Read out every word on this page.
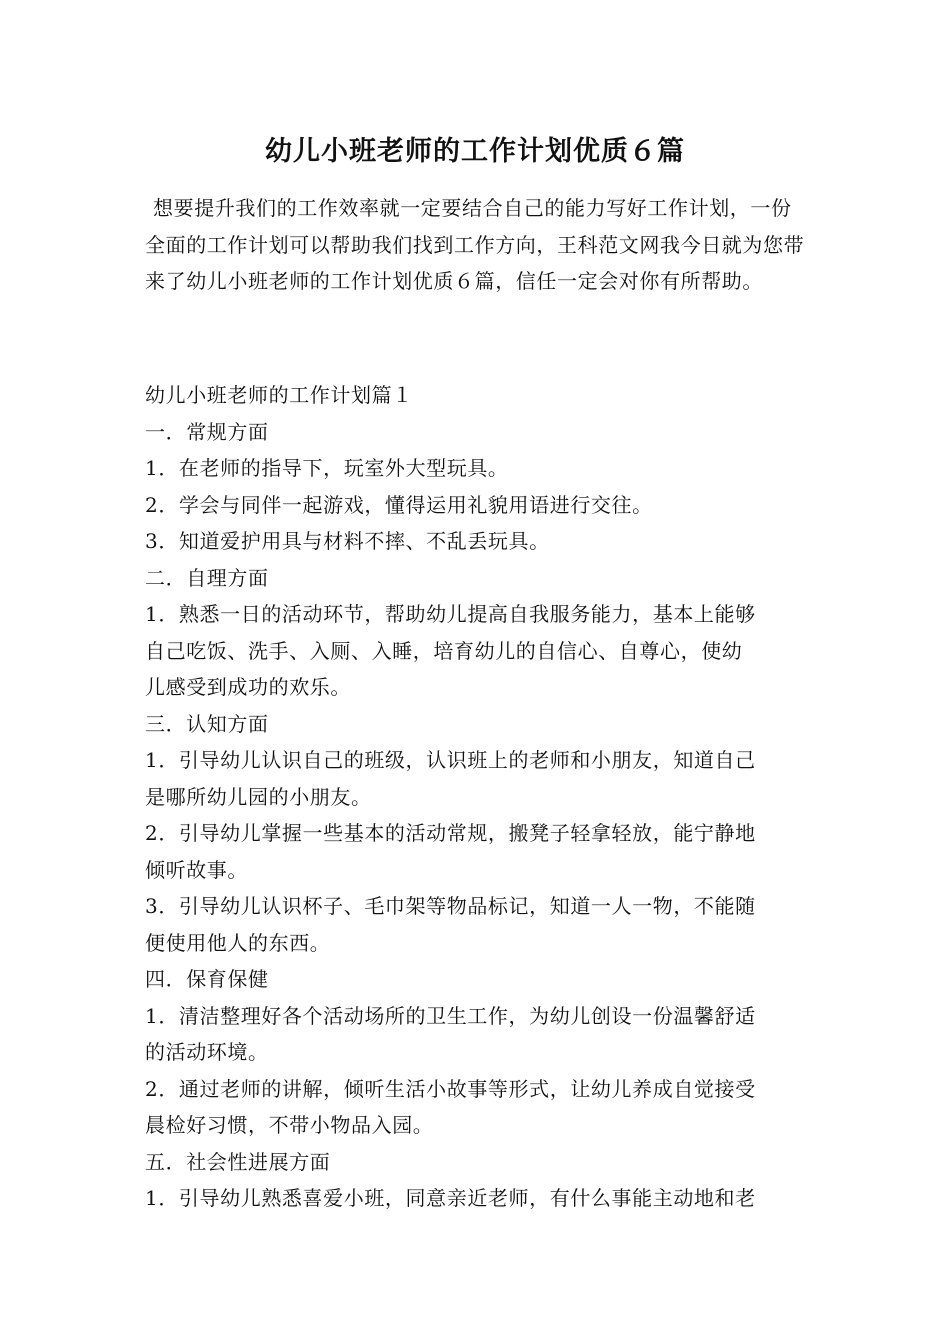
幼儿小班老师的工作计划优质６篇

想要提升我们的工作效率就一定要结合自己的能力写好工作计划，一份全面的工作计划可以帮助我们找到工作方向，王科范文网我今日就为您带来了幼儿小班老师的工作计划优质６篇，信任一定会对你有所帮助。

幼儿小班老师的工作计划篇１
一．常规方面
1．在老师的指导下，玩室外大型玩具。
2．学会与同伴一起游戏，懂得运用礼貌用语进行交往。
3．知道爱护用具与材料不摔、不乱丢玩具。
二．自理方面
1．熟悉一日的活动环节，帮助幼儿提高自我服务能力，基本上能够
自己吃饭、洗手、入厕、入睡，培育幼儿的自信心、自尊心，使幼
儿感受到成功的欢乐。
三．认知方面
1．引导幼儿认识自己的班级，认识班上的老师和小朋友，知道自己
是哪所幼儿园的小朋友。
2．引导幼儿掌握一些基本的活动常规，搬凳子轻拿轻放，能宁静地
倾听故事。
3．引导幼儿认识杯子、毛巾架等物品标记，知道一人一物，不能随
便使用他人的东西。
四．保育保健
1．清洁整理好各个活动场所的卫生工作，为幼儿创设一份温馨舒适
的活动环境。
2．通过老师的讲解，倾听生活小故事等形式，让幼儿养成自觉接受
晨检好习惯，不带小物品入园。
五．社会性进展方面
1．引导幼儿熟悉喜爱小班，同意亲近老师，有什么事能主动地和老
